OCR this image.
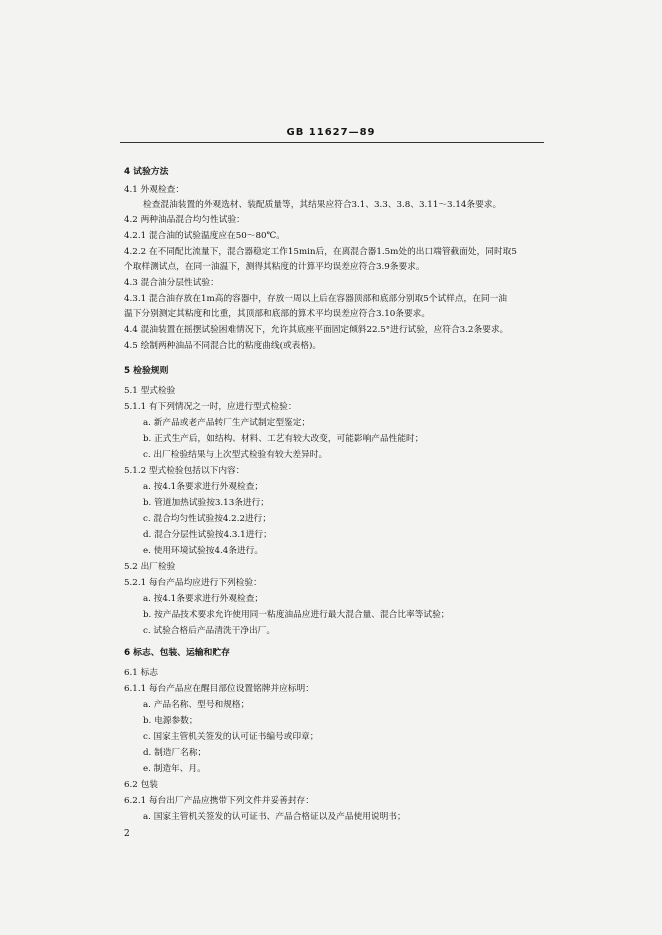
GB 11627—89
4 试验方法
4.1 外观检查：
检查混油装置的外观选材、装配质量等，其结果应符合3.1、3.3、3.8、3.11～3.14条要求。
4.2 两种油品混合均匀性试验：
4.2.1 混合油的试验温度应在50～80℃。
4.2.2 在不同配比流量下，混合器稳定工作15min后，在离混合器1.5m处的出口端管截面处，同时取5
个取样测试点，在同一油温下，测得其粘度的计算平均误差应符合3.9条要求。
4.3 混合油分层性试验：
4.3.1 混合油存放在1m高的容器中，存放一周以上后在容器顶部和底部分别取5个试样点，在同一油
温下分别测定其粘度和比重，其顶部和底部的算术平均误差应符合3.10条要求。
4.4 混油装置在摇摆试验困难情况下，允许其底座平面固定倾斜22.5°进行试验，应符合3.2条要求。
4.5 绘制两种油品不同混合比的粘度曲线(或表格)。
5 检验规则
5.1 型式检验
5.1.1 有下列情况之一时，应进行型式检验：
a. 新产品或老产品转厂生产试制定型鉴定；
b. 正式生产后，如结构、材料、工艺有较大改变，可能影响产品性能时；
c. 出厂检验结果与上次型式检验有较大差异时。
5.1.2 型式检验包括以下内容：
a. 按4.1条要求进行外观检查；
b. 管道加热试验按3.13条进行；
c. 混合均匀性试验按4.2.2进行；
d. 混合分层性试验按4.3.1进行；
e. 使用环境试验按4.4条进行。
5.2 出厂检验
5.2.1 每台产品均应进行下列检验：
a. 按4.1条要求进行外观检查；
b. 按产品技术要求允许使用同一粘度油品应进行最大混合量、混合比率等试验；
c. 试验合格后产品清洗干净出厂。
6 标志、包装、运输和贮存
6.1 标志
6.1.1 每台产品应在醒目部位设置铭牌并应标明：
a. 产品名称、型号和规格；
b. 电源参数；
c. 国家主管机关签发的认可证书编号或印章；
d. 制造厂名称；
e. 制造年、月。
6.2 包装
6.2.1 每台出厂产品应携带下列文件并妥善封存：
a. 国家主管机关签发的认可证书、产品合格证以及产品使用说明书；
2
